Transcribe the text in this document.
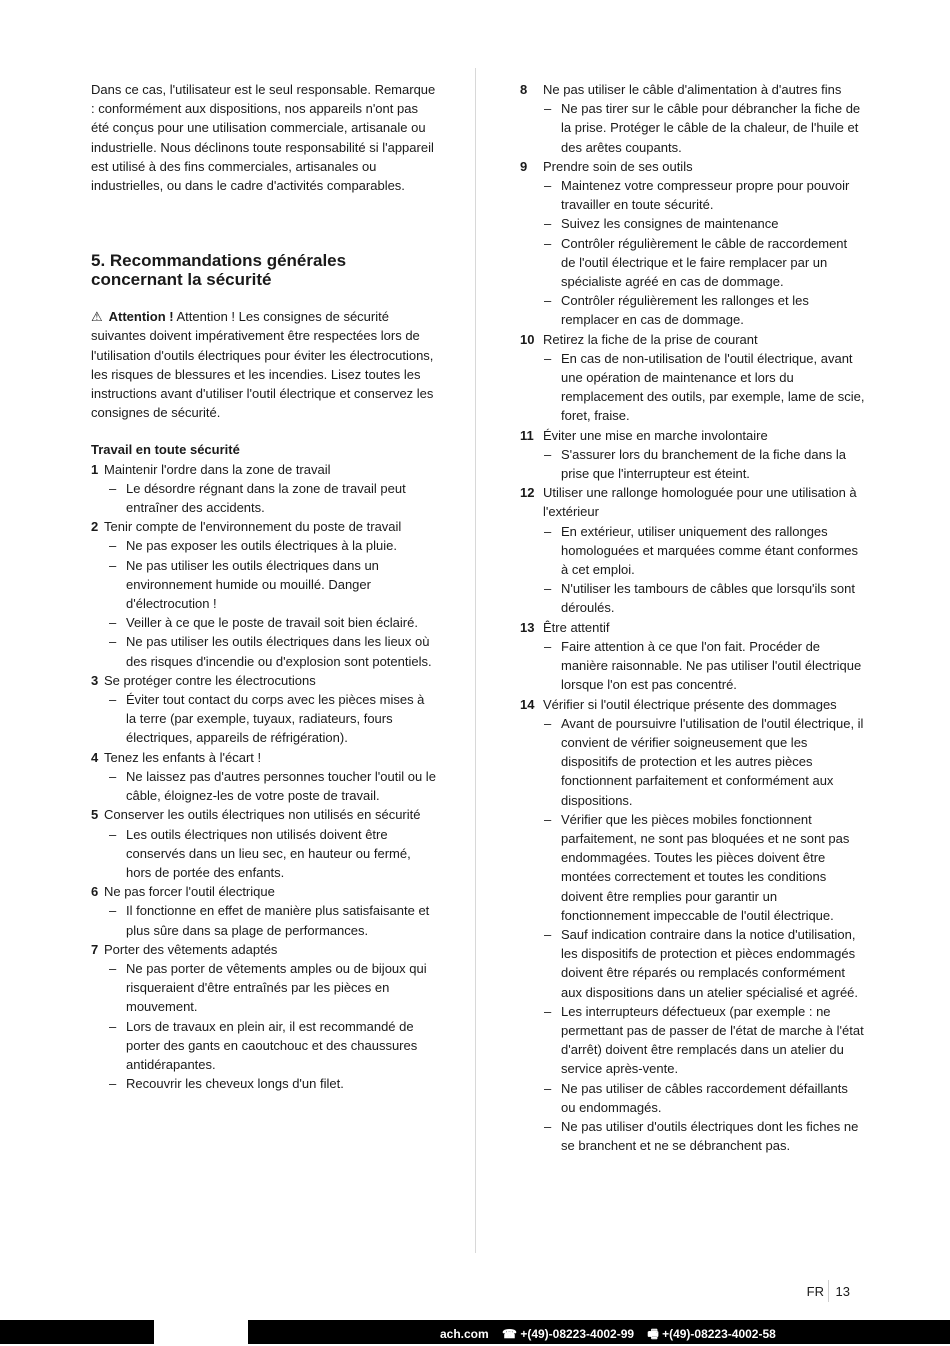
Dans ce cas, l'utilisateur est le seul responsable. Remarque : conformément aux dispositions, nos appareils n'ont pas été conçus pour une utilisation commerciale, artisanale ou industrielle. Nous déclinons toute responsabilité si l'appareil est utilisé à des fins commerciales, artisanales ou industrielles, ou dans le cadre d'activités comparables.

5. Recommandations générales concernant la sécurité

⚠ Attention ! Attention ! Les consignes de sécurité suivantes doivent impérativement être respectées lors de l'utilisation d'outils électriques pour éviter les électrocutions, les risques de blessures et les incendies. Lisez toutes les instructions avant d'utiliser l'outil électrique et conservez les consignes de sécurité.

Travail en toute sécurité
1 Maintenir l'ordre dans la zone de travail
– Le désordre régnant dans la zone de travail peut entraîner des accidents.
2 Tenir compte de l'environnement du poste de travail
– Ne pas exposer les outils électriques à la pluie.
– Ne pas utiliser les outils électriques dans un environnement humide ou mouillé. Danger d'électrocution !
– Veiller à ce que le poste de travail soit bien éclairé.
– Ne pas utiliser les outils électriques dans les lieux où des risques d'incendie ou d'explosion sont potentiels.
3 Se protéger contre les électrocutions
– Éviter tout contact du corps avec les pièces mises à la terre (par exemple, tuyaux, radiateurs, fours électriques, appareils de réfrigération).
4 Tenez les enfants à l'écart !
– Ne laissez pas d'autres personnes toucher l'outil ou le câble, éloignez-les de votre poste de travail.
5 Conserver les outils électriques non utilisés en sécurité
– Les outils électriques non utilisés doivent être conservés dans un lieu sec, en hauteur ou fermé, hors de portée des enfants.
6 Ne pas forcer l'outil électrique
– Il fonctionne en effet de manière plus satisfaisante et plus sûre dans sa plage de performances.
7 Porter des vêtements adaptés
– Ne pas porter de vêtements amples ou de bijoux qui risqueraient d'être entraînés par les pièces en mouvement.
– Lors de travaux en plein air, il est recommandé de porter des gants en caoutchouc et des chaussures antidérapantes.
– Recouvrir les cheveux longs d'un filet.
8 Ne pas utiliser le câble d'alimentation à d'autres fins
– Ne pas tirer sur le câble pour débrancher la fiche de la prise. Protéger le câble de la chaleur, de l'huile et des arêtes coupants.
9 Prendre soin de ses outils
– Maintenez votre compresseur propre pour pouvoir travailler en toute sécurité.
– Suivez les consignes de maintenance
– Contrôler régulièrement le câble de raccordement de l'outil électrique et le faire remplacer par un spécialiste agréé en cas de dommage.
– Contrôler régulièrement les rallonges et les remplacer en cas de dommage.
10 Retirez la fiche de la prise de courant
– En cas de non-utilisation de l'outil électrique, avant une opération de maintenance et lors du remplacement des outils, par exemple, lame de scie, foret, fraise.
11 Éviter une mise en marche involontaire
– S'assurer lors du branchement de la fiche dans la prise que l'interrupteur est éteint.
12 Utiliser une rallonge homologuée pour une utilisation à l'extérieur
– En extérieur, utiliser uniquement des rallonges homologuées et marquées comme étant conformes à cet emploi.
– N'utiliser les tambours de câbles que lorsqu'ils sont déroulés.
13 Être attentif
– Faire attention à ce que l'on fait. Procéder de manière raisonnable. Ne pas utiliser l'outil électrique lorsque l'on est pas concentré.
14 Vérifier si l'outil électrique présente des dommages
– Avant de poursuivre l'utilisation de l'outil électrique, il convient de vérifier soigneusement que les dispositifs de protection et les autres pièces fonctionnent parfaitement et conformément aux dispositions.
– Vérifier que les pièces mobiles fonctionnent parfaitement, ne sont pas bloquées et ne sont pas endommagées. Toutes les pièces doivent être montées correctement et toutes les conditions doivent être remplies pour garantir un fonctionnement impeccable de l'outil électrique.
– Sauf indication contraire dans la notice d'utilisation, les dispositifs de protection et pièces endommagés doivent être réparés ou remplacés conformément aux dispositions dans un atelier spécialisé et agréé.
– Les interrupteurs défectueux (par exemple : ne permettant pas de passer de l'état de marche à l'état d'arrêt) doivent être remplacés dans un atelier du service après-vente.
– Ne pas utiliser de câbles raccordement défaillants ou endommagés.
– Ne pas utiliser d'outils électriques dont les fiches ne se branchent et ne se débranchent pas.
FR 13
ach.com ☎ +(49)-08223-4002-99 🖷 +(49)-08223-4002-58
